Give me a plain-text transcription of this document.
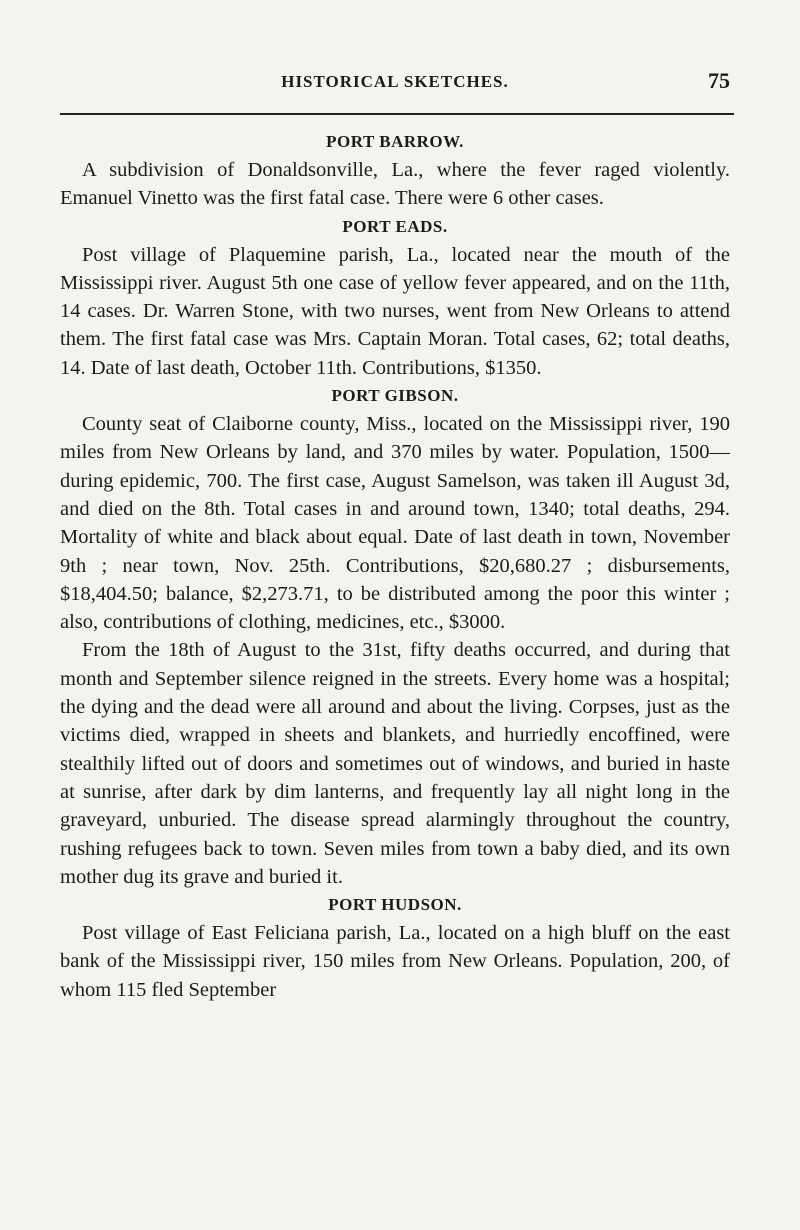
HISTORICAL SKETCHES.	75
PORT BARROW.

A subdivision of Donaldsonville, La., where the fever raged violently. Emanuel Vinetto was the first fatal case. There were 6 other cases.

PORT EADS.

Post village of Plaquemine parish, La., located near the mouth of the Mississippi river. August 5th one case of yellow fever appeared, and on the 11th, 14 cases. Dr. Warren Stone, with two nurses, went from New Orleans to attend them. The first fatal case was Mrs. Captain Moran. Total cases, 62; total deaths, 14. Date of last death, October 11th. Contributions, $1350.

PORT GIBSON.

County seat of Claiborne county, Miss., located on the Mississippi river, 190 miles from New Orleans by land, and 370 miles by water. Population, 1500—during epidemic, 700. The first case, August Samelson, was taken ill August 3d, and died on the 8th. Total cases in and around town, 1340; total deaths, 294. Mortality of white and black about equal. Date of last death in town, November 9th ; near town, Nov. 25th. Contributions, $20,680.27 ; disbursements, $18,404.50; balance, $2,273.71, to be distributed among the poor this winter ; also, contributions of clothing, medicines, etc., $3000.

From the 18th of August to the 31st, fifty deaths occurred, and during that month and September silence reigned in the streets. Every home was a hospital; the dying and the dead were all around and about the living. Corpses, just as the victims died, wrapped in sheets and blankets, and hurriedly encoffined, were stealthily lifted out of doors and sometimes out of windows, and buried in haste at sunrise, after dark by dim lanterns, and frequently lay all night long in the graveyard, unburied. The disease spread alarmingly throughout the country, rushing refugees back to town. Seven miles from town a baby died, and its own mother dug its grave and buried it.

PORT HUDSON.

Post village of East Feliciana parish, La., located on a high bluff on the east bank of the Mississippi river, 150 miles from New Orleans. Population, 200, of whom 115 fled September
